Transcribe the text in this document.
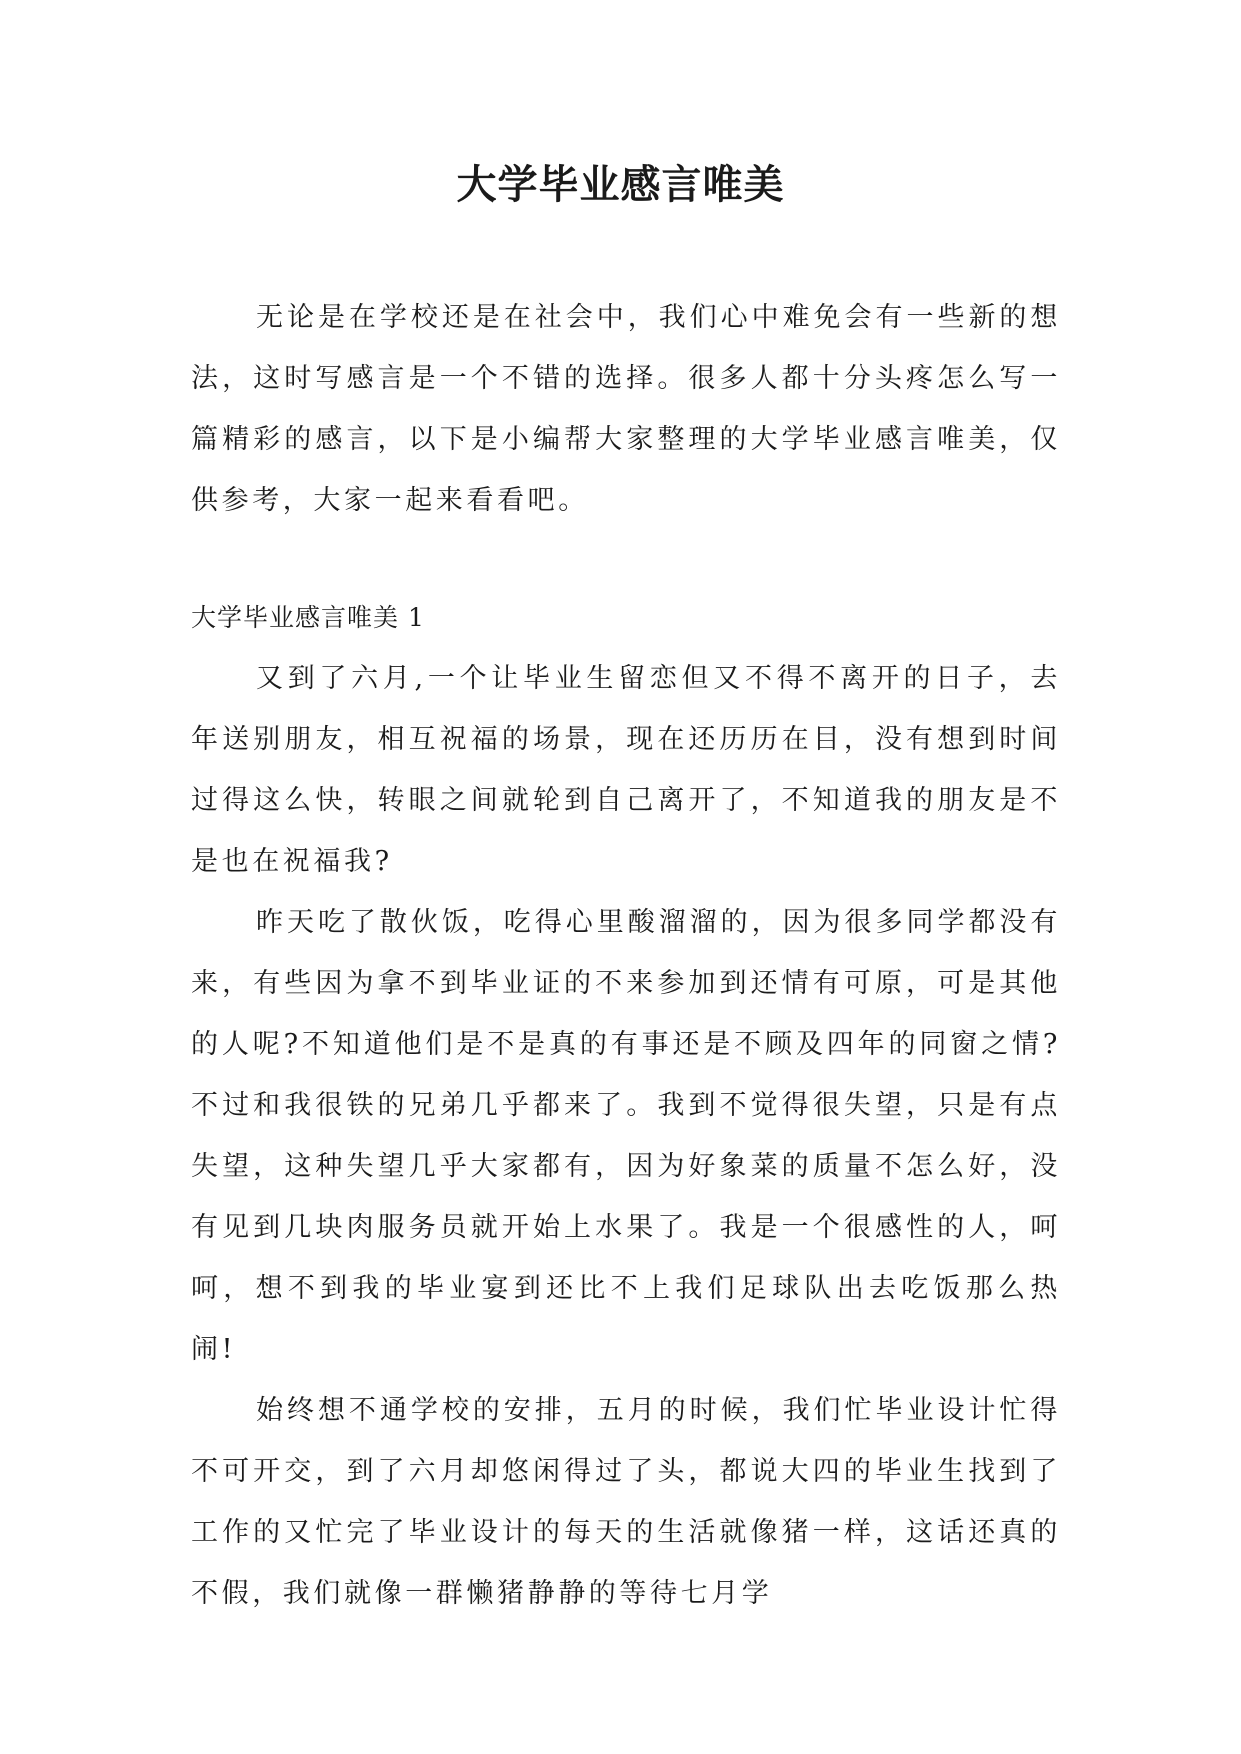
大学毕业感言唯美

无论是在学校还是在社会中，我们心中难免会有一些新的想法，这时写感言是一个不错的选择。很多人都十分头疼怎么写一篇精彩的感言，以下是小编帮大家整理的大学毕业感言唯美，仅供参考，大家一起来看看吧。

大学毕业感言唯美 1

又到了六月,一个让毕业生留恋但又不得不离开的日子，去年送别朋友，相互祝福的场景，现在还历历在目，没有想到时间过得这么快，转眼之间就轮到自己离开了，不知道我的朋友是不是也在祝福我?

昨天吃了散伙饭，吃得心里酸溜溜的，因为很多同学都没有来，有些因为拿不到毕业证的不来参加到还情有可原，可是其他的人呢?不知道他们是不是真的有事还是不顾及四年的同窗之情?不过和我很铁的兄弟几乎都来了。我到不觉得很失望，只是有点失望，这种失望几乎大家都有，因为好象菜的质量不怎么好，没有见到几块肉服务员就开始上水果了。我是一个很感性的人，呵呵，想不到我的毕业宴到还比不上我们足球队出去吃饭那么热闹!

始终想不通学校的安排，五月的时候，我们忙毕业设计忙得不可开交，到了六月却悠闲得过了头，都说大四的毕业生找到了工作的又忙完了毕业设计的每天的生活就像猪一样，这话还真的不假，我们就像一群懒猪静静的等待七月学
